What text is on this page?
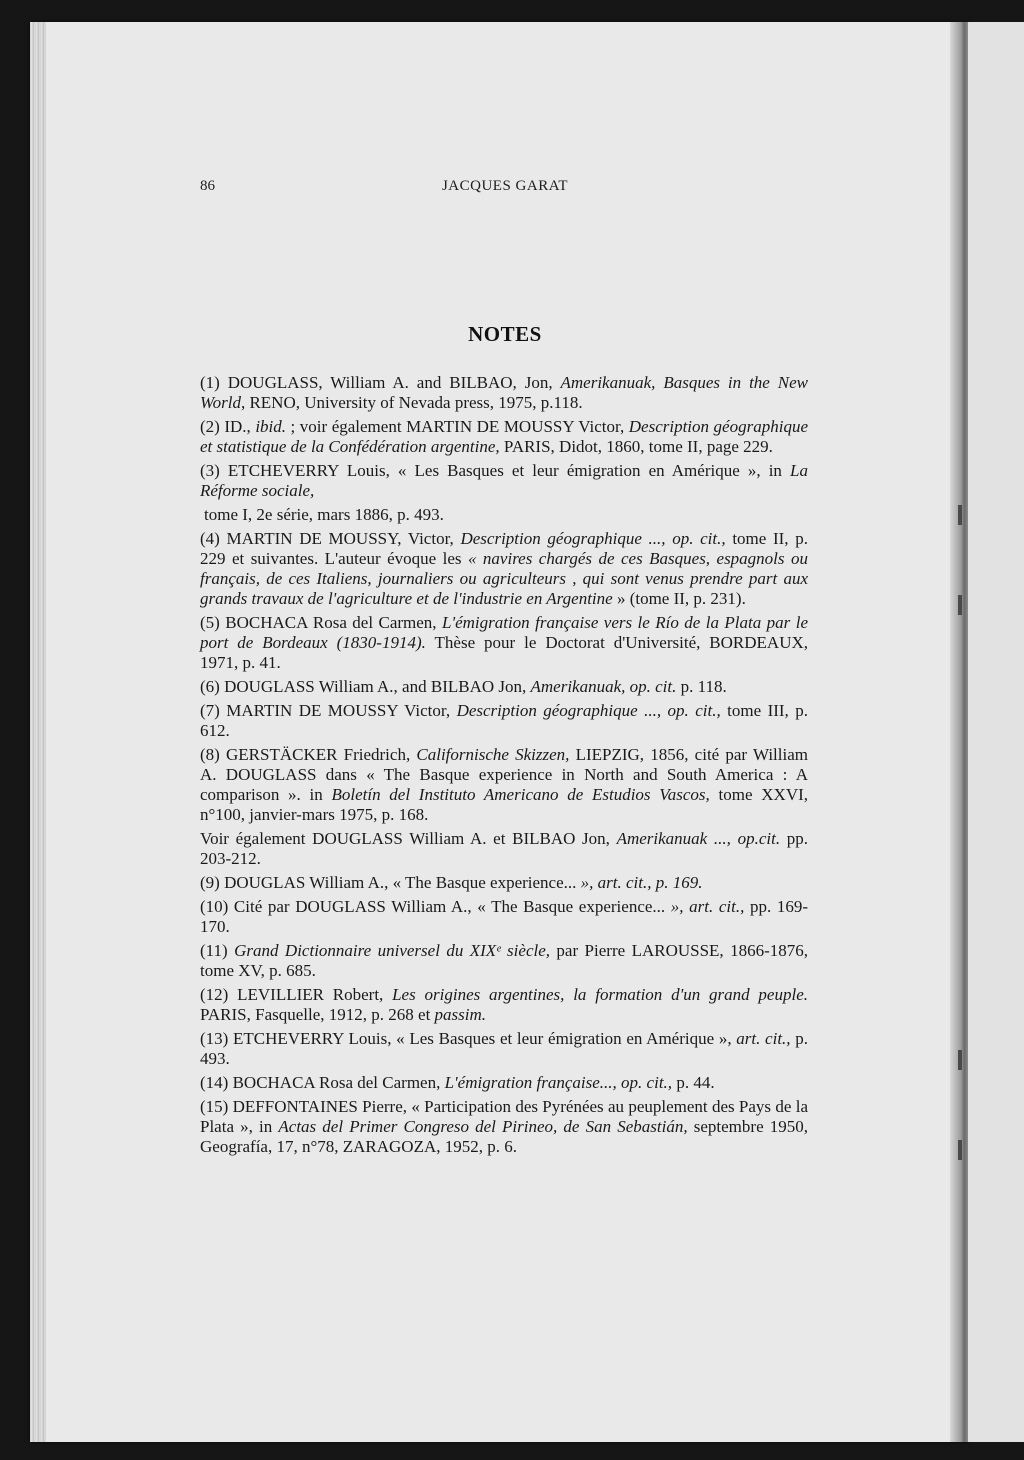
86	JACQUES GARAT
NOTES

(1) DOUGLASS, William A. and BILBAO, Jon, Amerikanuak, Basques in the New World, RENO, University of Nevada press, 1975, p.118.

(2) ID., ibid. ; voir également MARTIN DE MOUSSY Victor, Description géographique et statistique de la Confédération argentine, PARIS, Didot, 1860, tome II, page 229.

(3) ETCHEVERRY Louis, « Les Basques et leur émigration en Amérique », in La Réforme sociale,

tome I, 2e série, mars 1886, p. 493.

(4) MARTIN DE MOUSSY, Victor, Description géographique ..., op. cit., tome II, p. 229 et suivantes. L'auteur évoque les « navires chargés de ces Basques, espagnols ou français, de ces Italiens, journaliers ou agriculteurs , qui sont venus prendre part aux grands travaux de l'agriculture et de l'industrie en Argentine » (tome II, p. 231).

(5) BOCHACA Rosa del Carmen, L'émigration française vers le Río de la Plata par le port de Bordeaux (1830-1914). Thèse pour le Doctorat d'Université, BORDEAUX, 1971, p. 41.

(6) DOUGLASS William A., and BILBAO Jon, Amerikanuak, op. cit. p. 118.

(7) MARTIN DE MOUSSY Victor, Description géographique ..., op. cit., tome III, p. 612.

(8) GERSTÄCKER Friedrich, Californische Skizzen, LIEPZIG, 1856, cité par William A. DOUGLASS dans « The Basque experience in North and South America : A comparison ». in Boletín del Instituto Americano de Estudios Vascos, tome XXVI, n°100, janvier-mars 1975, p. 168.

Voir également DOUGLASS William A. et BILBAO Jon, Amerikanuak ..., op.cit. pp. 203-212.

(9) DOUGLAS William A., « The Basque experience... », art. cit., p. 169.

(10) Cité par DOUGLASS William A., « The Basque experience... », art. cit., pp. 169-170.

(11) Grand Dictionnaire universel du XIXᵉ siècle, par Pierre LAROUSSE, 1866-1876, tome XV, p. 685.

(12) LEVILLIER Robert, Les origines argentines, la formation d'un grand peuple. PARIS, Fasquelle, 1912, p. 268 et passim.

(13) ETCHEVERRY Louis, « Les Basques et leur émigration en Amérique », art. cit., p. 493.

(14) BOCHACA Rosa del Carmen, L'émigration française..., op. cit., p. 44.

(15) DEFFONTAINES Pierre, « Participation des Pyrénées au peuplement des Pays de la Plata », in Actas del Primer Congreso del Pirineo, de San Sebastián, septembre 1950, Geografía, 17, n°78, ZARAGOZA, 1952, p. 6.
